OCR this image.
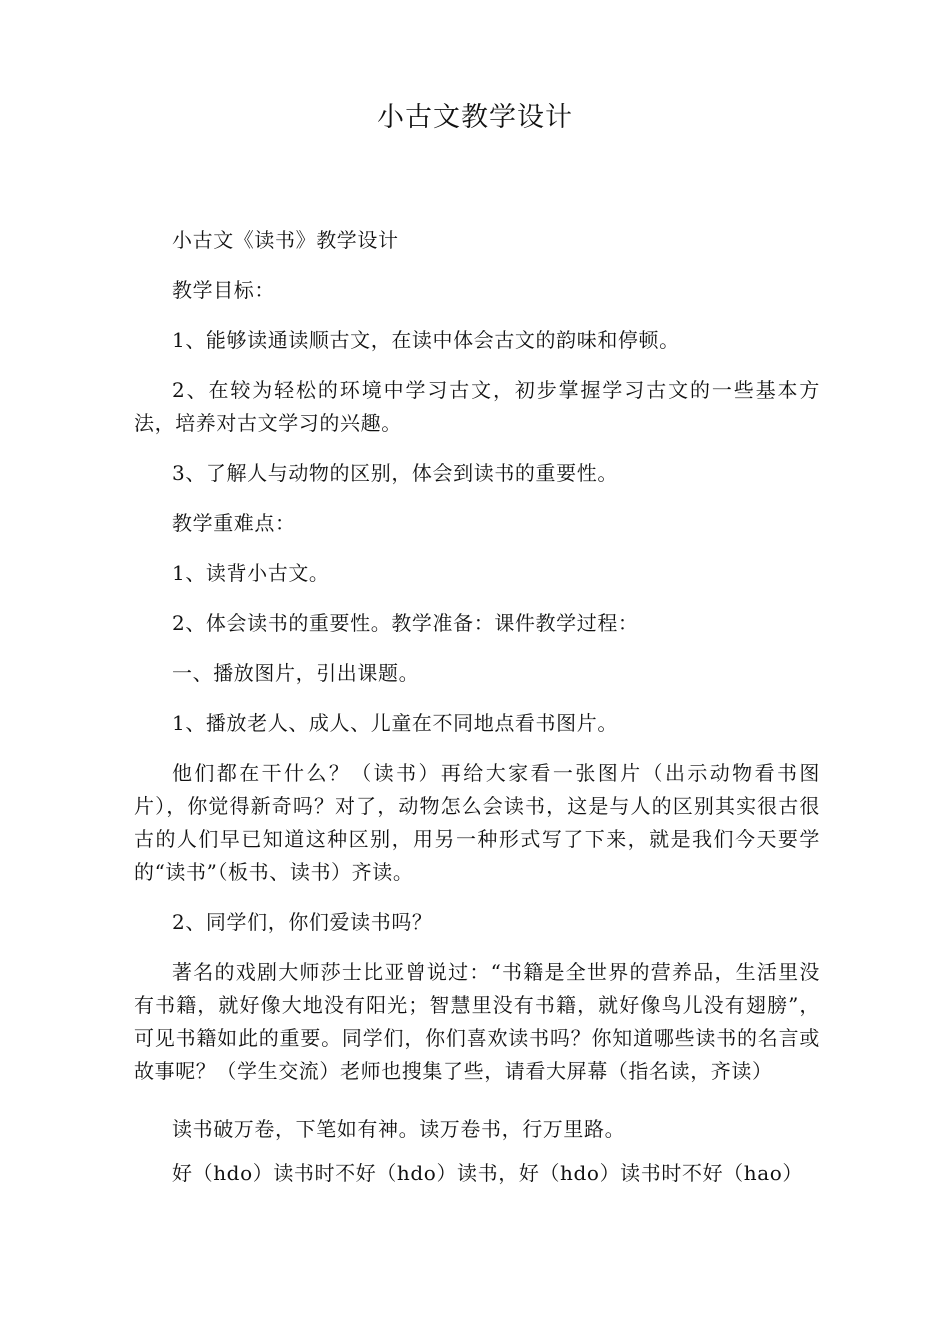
小古文教学设计

小古文《读书》教学设计

教学目标：

1、能够读通读顺古文，在读中体会古文的韵味和停顿。

2、在较为轻松的环境中学习古文，初步掌握学习古文的一些基本方法，培养对古文学习的兴趣。

3、了解人与动物的区别，体会到读书的重要性。

教学重难点：

1、读背小古文。

2、体会读书的重要性。教学准备：课件教学过程：

一、播放图片，引出课题。

1、播放老人、成人、儿童在不同地点看书图片。

他们都在干什么？（读书）再给大家看一张图片（出示动物看书图片），你觉得新奇吗？对了，动物怎么会读书，这是与人的区别其实很古很古的人们早已知道这种区别，用另一种形式写了下来，就是我们今天要学的“读书”（板书、读书）齐读。

2、同学们，你们爱读书吗？

著名的戏剧大师莎士比亚曾说过：“书籍是全世界的营养品，生活里没有书籍，就好像大地没有阳光；智慧里没有书籍，就好像鸟儿没有翅膀”，可见书籍如此的重要。同学们，你们喜欢读书吗？你知道哪些读书的名言或故事呢？（学生交流）老师也搜集了些，请看大屏幕（指名读，齐读）

读书破万卷，下笔如有神。读万卷书，行万里路。

好（hdo）读书时不好（hdo）读书，好（hdo）读书时不好（hao）
